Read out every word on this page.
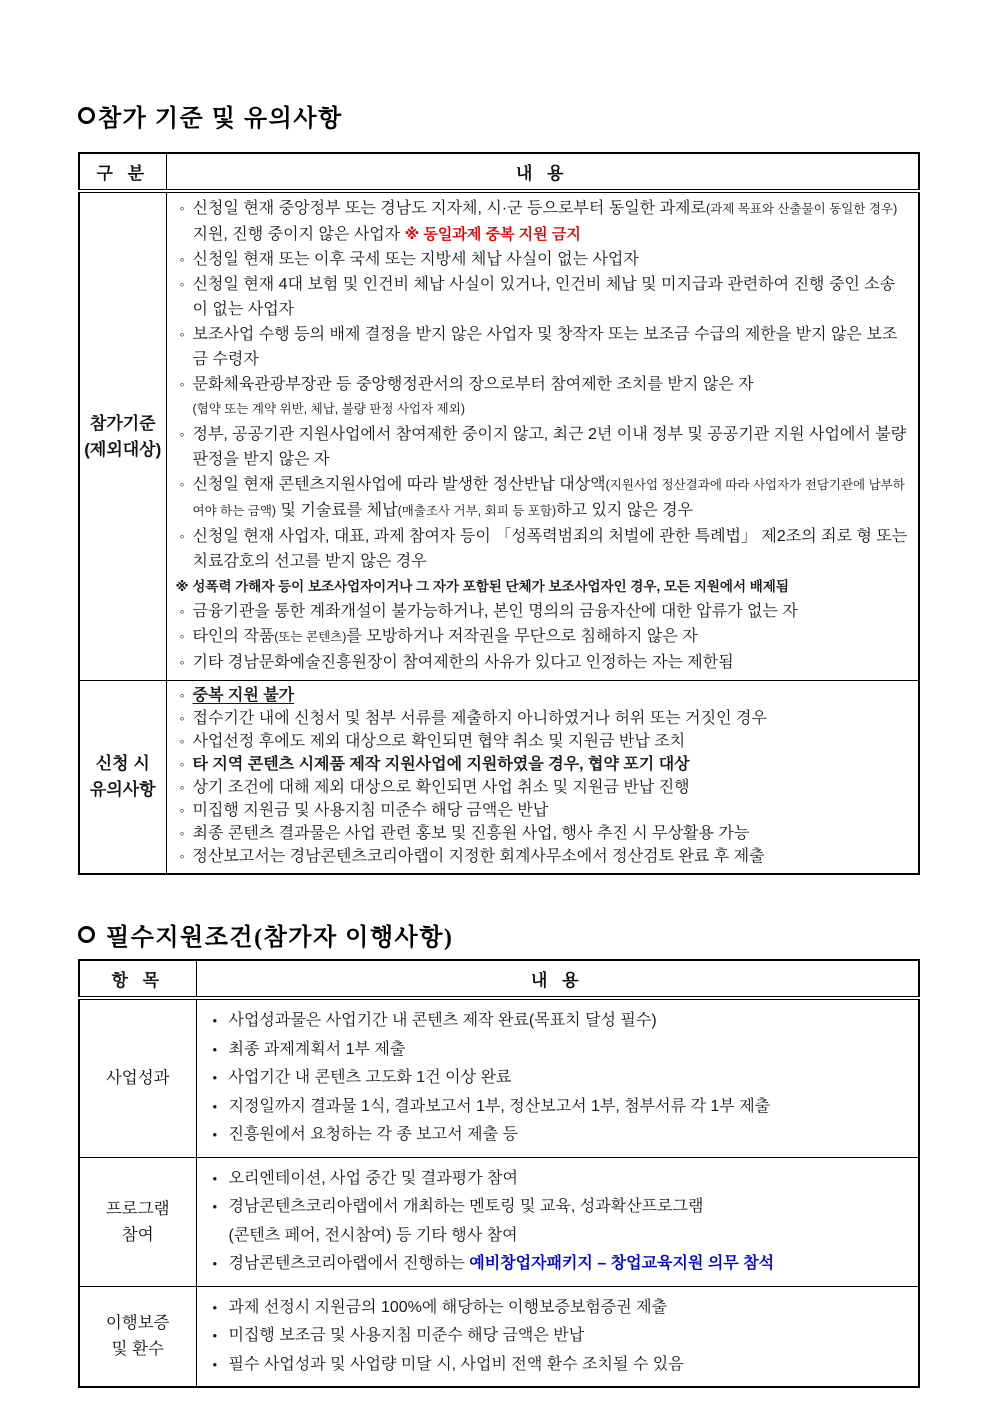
참가 기준 및 유의사항
구 분	내 용

참가기준
(제외대상)

◦ 신청일 현재 중앙정부 또는 경남도 지자체, 시·군 등으로부터 동일한 과제로(과제 목표와 산출물이 동일한 경우) 지원, 진행 중이지 않은 사업자 ※ 동일과제 중복 지원 금지
◦ 신청일 현재 또는 이후 국세 또는 지방세 체납 사실이 없는 사업자
◦ 신청일 현재 4대 보험 및 인건비 체납 사실이 있거나, 인건비 체납 및 미지급과 관련하여 진행 중인 소송이 없는 사업자
◦ 보조사업 수행 등의 배제 결정을 받지 않은 사업자 및 창작자 또는 보조금 수급의 제한을 받지 않은 보조금 수령자
◦ 문화체육관광부장관 등 중앙행정관서의 장으로부터 참여제한 조치를 받지 않은 자
(협약 또는 계약 위반, 체납, 불량 판정 사업자 제외)
◦ 정부, 공공기관 지원사업에서 참여제한 중이지 않고, 최근 2년 이내 정부 및 공공기관 지원 사업에서 불량 판정을 받지 않은 자
◦ 신청일 현재 콘텐츠지원사업에 따라 발생한 정산반납 대상액(지원사업 정산결과에 따라 사업자가 전담기관에 납부하여야 하는 금액) 및 기술료를 체납(매출조사 거부, 회피 등 포함)하고 있지 않은 경우
◦ 신청일 현재 사업자, 대표, 과제 참여자 등이 「성폭력범죄의 처벌에 관한 특례법」 제2조의 죄로 형 또는 치료감호의 선고를 받지 않은 경우
※ 성폭력 가해자 등이 보조사업자이거나 그 자가 포함된 단체가 보조사업자인 경우, 모든 지원에서 배제됨
◦ 금융기관을 통한 계좌개설이 불가능하거나, 본인 명의의 금융자산에 대한 압류가 없는 자
◦ 타인의 작품(또는 콘텐츠)를 모방하거나 저작권을 무단으로 침해하지 않은 자
◦ 기타 경남문화예술진흥원장이 참여제한의 사유가 있다고 인정하는 자는 제한됨

신청 시
유의사항

◦ 중복 지원 불가
◦ 접수기간 내에 신청서 및 첨부 서류를 제출하지 아니하였거나 허위 또는 거짓인 경우
◦ 사업선정 후에도 제외 대상으로 확인되면 협약 취소 및 지원금 반납 조치
◦ 타 지역 콘텐츠 시제품 제작 지원사업에 지원하였을 경우, 협약 포기 대상
◦ 상기 조건에 대해 제외 대상으로 확인되면 사업 취소 및 지원금 반납 진행
◦ 미집행 지원금 및 사용지침 미준수 해당 금액은 반납
◦ 최종 콘텐츠 결과물은 사업 관련 홍보 및 진흥원 사업, 행사 추진 시 무상활용 가능
◦ 정산보고서는 경남콘텐츠코리아랩이 지정한 회계사무소에서 정산검토 완료 후 제출
필수지원조건(참가자 이행사항)
항 목	내 용

사업성과

• 사업성과물은 사업기간 내 콘텐츠 제작 완료(목표치 달성 필수)
• 최종 과제계획서 1부 제출
• 사업기간 내 콘텐츠 고도화 1건 이상 완료
• 지정일까지 결과물 1식, 결과보고서 1부, 정산보고서 1부, 첨부서류 각 1부 제출
• 진흥원에서 요청하는 각 종 보고서 제출 등

프로그램
참여

• 오리엔테이션, 사업 중간 및 결과평가 참여
• 경남콘텐츠코리아랩에서 개최하는 멘토링 및 교육, 성과확산프로그램
(콘텐츠 페어, 전시참여) 등 기타 행사 참여
• 경남콘텐츠코리아랩에서 진행하는 예비창업자패키지 – 창업교육지원 의무 참석

이행보증
및 환수

• 과제 선정시 지원금의 100%에 해당하는 이행보증보험증권 제출
• 미집행 보조금 및 사용지침 미준수 해당 금액은 반납
• 필수 사업성과 및 사업량 미달 시, 사업비 전액 환수 조치될 수 있음
